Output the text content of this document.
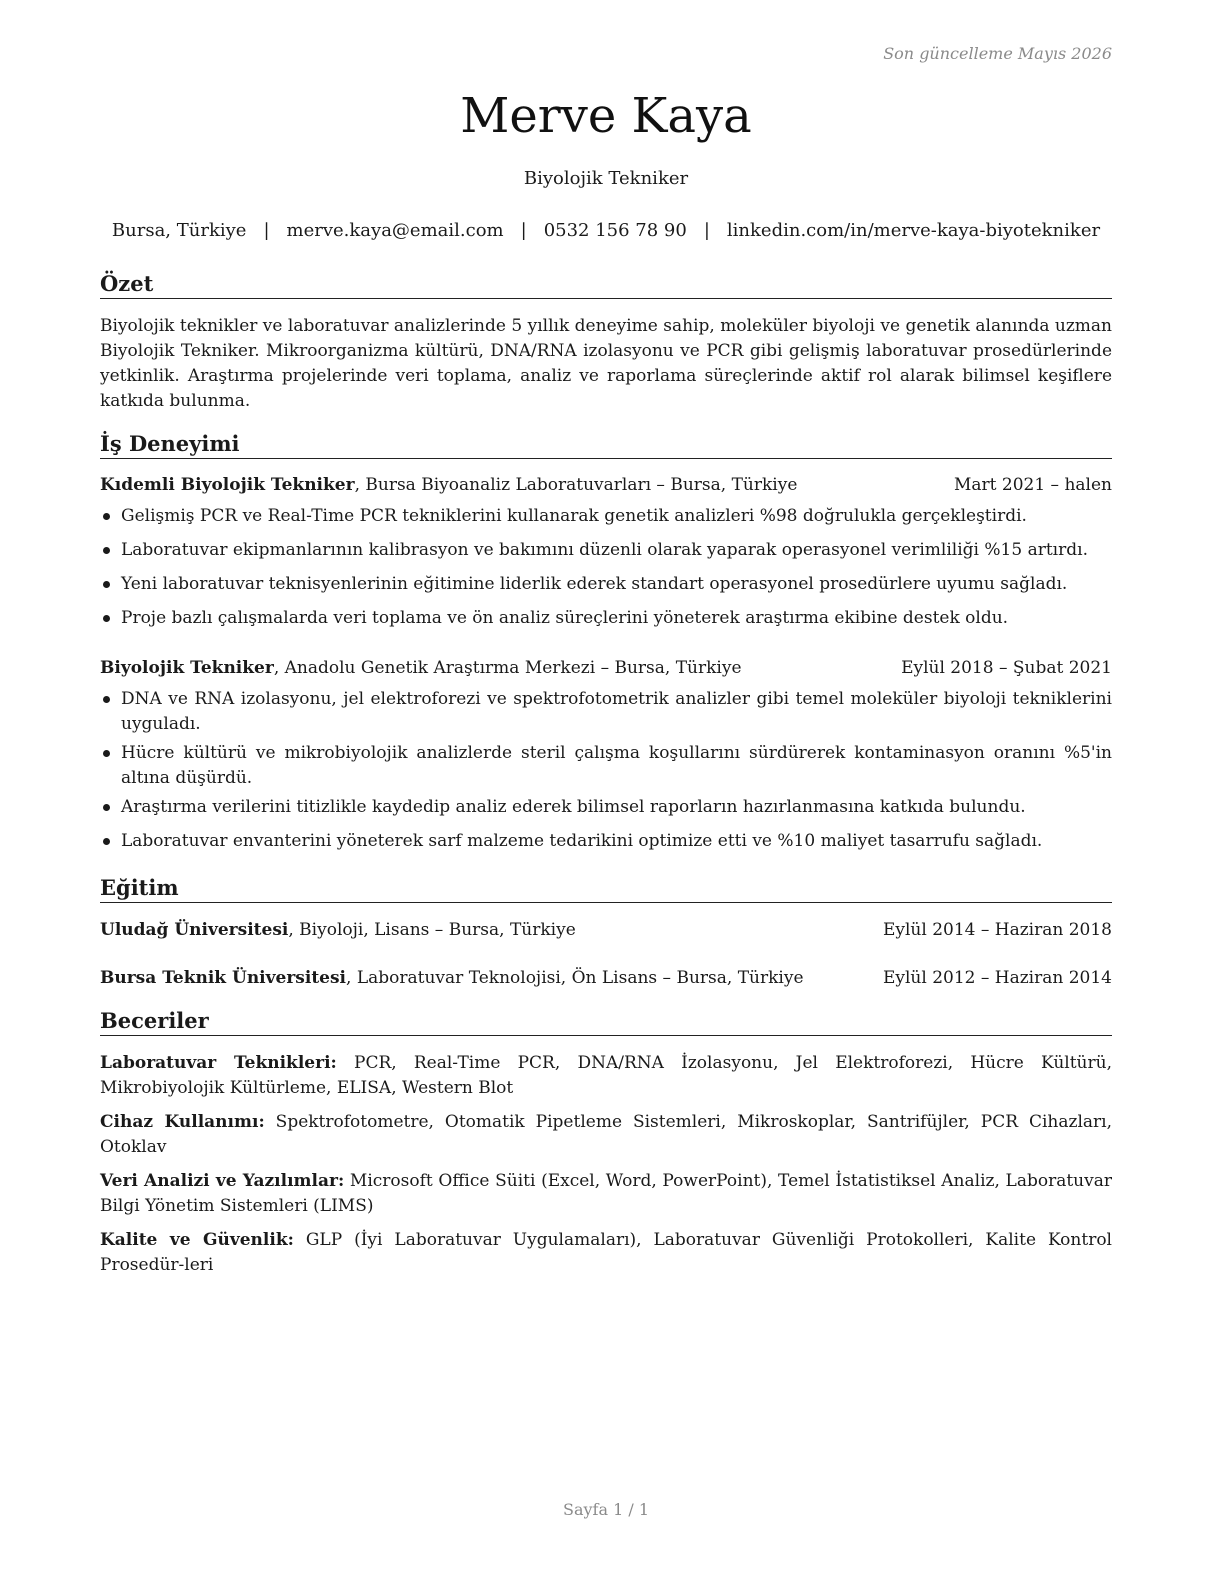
Son güncelleme Mayıs 2026
Merve Kaya
Biyolojik Tekniker
Bursa, Türkiye | merve.kaya@email.com | 0532 156 78 90 | linkedin.com/in/merve-kaya-biyotekniker
Özet
Biyolojik teknikler ve laboratuvar analizlerinde 5 yıllık deneyime sahip, moleküler biyoloji ve genetik alanında uzman Biyolojik Tekniker. Mikroorganizma kültürü, DNA/RNA izolasyonu ve PCR gibi gelişmiş laboratuvar prosedürlerinde yetkinlik. Araştırma projelerinde veri toplama, analiz ve raporlama süreçlerinde aktif rol alarak bilimsel keşiflere katkıda bulunma.
İş Deneyimi
Kıdemli Biyolojik Tekniker, Bursa Biyoanaliz Laboratuvarları – Bursa, Türkiye	Mart 2021 – halen
Gelişmiş PCR ve Real-Time PCR tekniklerini kullanarak genetik analizleri %98 doğrulukla gerçekleştirdi.
Laboratuvar ekipmanlarının kalibrasyon ve bakımını düzenli olarak yaparak operasyonel verimliliği %15 artırdı.
Yeni laboratuvar teknisyenlerinin eğitimine liderlik ederek standart operasyonel prosedürlere uyumu sağladı.
Proje bazlı çalışmalarda veri toplama ve ön analiz süreçlerini yöneterek araştırma ekibine destek oldu.
Biyolojik Tekniker, Anadolu Genetik Araştırma Merkezi – Bursa, Türkiye	Eylül 2018 – Şubat 2021
DNA ve RNA izolasyonu, jel elektroforezi ve spektrofotometrik analizler gibi temel moleküler biyoloji tekniklerini uyguladı.
Hücre kültürü ve mikrobiyolojik analizlerde steril çalışma koşullarını sürdürerek kontaminasyon oranını %5'in altına düşürdü.
Araştırma verilerini titizlikle kaydedip analiz ederek bilimsel raporların hazırlanmasına katkıda bulundu.
Laboratuvar envanterini yöneterek sarf malzeme tedarikini optimize etti ve %10 maliyet tasarrufu sağladı.
Eğitim
Uludağ Üniversitesi, Biyoloji, Lisans – Bursa, Türkiye	Eylül 2014 – Haziran 2018
Bursa Teknik Üniversitesi, Laboratuvar Teknolojisi, Ön Lisans – Bursa, Türkiye	Eylül 2012 – Haziran 2014
Beceriler

Laboratuvar Teknikleri: PCR, Real-Time PCR, DNA/RNA İzolasyonu, Jel Elektroforezi, Hücre Kültürü, Mikrobiyolojik Kültürleme, ELISA, Western Blot

Cihaz Kullanımı: Spektrofotometre, Otomatik Pipetleme Sistemleri, Mikroskoplar, Santrifüjler, PCR Cihazları, Otoklav

Veri Analizi ve Yazılımlar: Microsoft Office Süiti (Excel, Word, PowerPoint), Temel İstatistiksel Analiz, Laboratuvar Bilgi Yönetim Sistemleri (LIMS)

Kalite ve Güvenlik: GLP (İyi Laboratuvar Uygulamaları), Laboratuvar Güvenliği Protokolleri, Kalite Kontrol Prosedür-leri

Sayfa 1 / 1
